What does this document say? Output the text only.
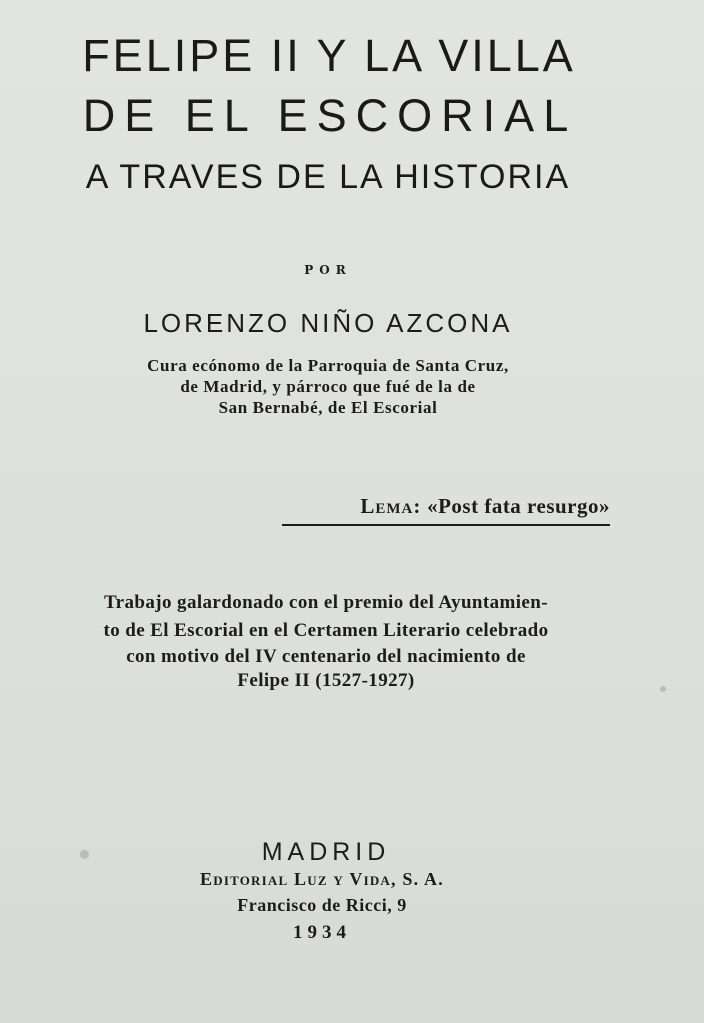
FELIPE II Y LA VILLA
DE EL ESCORIAL
A TRAVES DE LA HISTORIA

POR

LORENZO NIÑO AZCONA

Cura ecónomo de la Parroquia de Santa Cruz,

de Madrid, y párroco que fué de la de

San Bernabé, de El Escorial

Lema: «Post fata resurgo»

Trabajo galardonado con el premio del Ayuntamien-

to de El Escorial en el Certamen Literario celebrado

con motivo del IV centenario del nacimiento de

Felipe II (1527-1927)

MADRID

Editorial Luz y Vida, S. A.

Francisco de Ricci, 9

1934
